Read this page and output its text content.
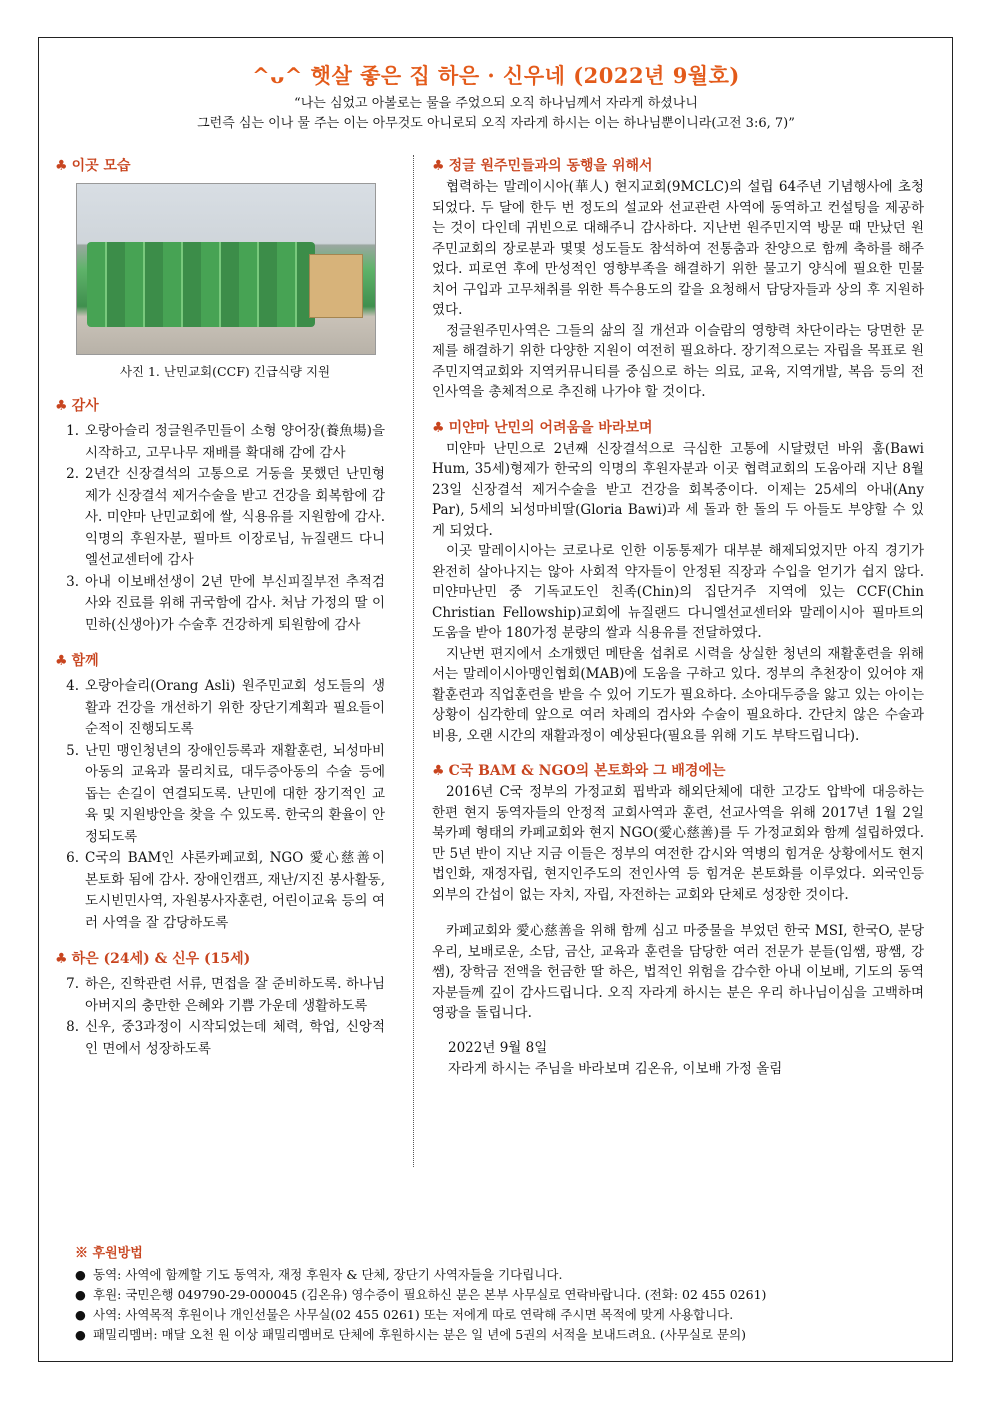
^ᴗ^ 햇살 좋은 집 하은 · 신우네 (2022년 9월호)
“나는 심었고 아볼로는 물을 주었으되 오직 하나님께서 자라게 하셨나니
그런즉 심는 이나 물 주는 이는 아무것도 아니로되 오직 자라게 하시는 이는 하나님뿐이니라(고전 3:6, 7)”
♣ 이곳 모습

사진 1. 난민교회(CCF) 긴급식량 지원

♣ 감사
1. 오랑아슬리 정글원주민들이 소형 양어장(養魚場)을 시작하고, 고무나무 재배를 확대해 감에 감사
2. 2년간 신장결석의 고통으로 거동을 못했던 난민형제가 신장결석 제거수술을 받고 건강을 회복함에 감사. 미얀마 난민교회에 쌀, 식용유를 지원함에 감사. 익명의 후원자분, 필마트 이장로님, 뉴질랜드 다니엘선교센터에 감사
3. 아내 이보배선생이 2년 만에 부신피질부전 추적검사와 진료를 위해 귀국함에 감사. 처남 가정의 딸 이민하(신생아)가 수술후 건강하게 퇴원함에 감사
♣ 함께
4. 오랑아슬리(Orang Asli) 원주민교회 성도들의 생활과 건강을 개선하기 위한 장단기계획과 필요들이 순적이 진행되도록
5. 난민 맹인청년의 장애인등록과 재활훈련, 뇌성마비아동의 교육과 물리치료, 대두증아동의 수술 등에 돕는 손길이 연결되도록. 난민에 대한 장기적인 교육 및 지원방안을 찾을 수 있도록. 한국의 환율이 안정되도록
6. C국의 BAM인 샤론카페교회, NGO 愛心慈善이 본토화 됨에 감사. 장애인캠프, 재난/지진 봉사활동, 도시빈민사역, 자원봉사자훈련, 어린이교육 등의 여러 사역을 잘 감당하도록
♣ 하은 (24세) & 신우 (15세)
7. 하은, 진학관련 서류, 면접을 잘 준비하도록. 하나님 아버지의 충만한 은혜와 기쁨 가운데 생활하도록
8. 신우, 중3과정이 시작되었는데 체력, 학업, 신앙적인 면에서 성장하도록
♣ 정글 원주민들과의 동행을 위해서

협력하는 말레이시아(華人) 현지교회(9MCLC)의 설립 64주년 기념행사에 초청되었다. 두 달에 한두 번 정도의 설교와 선교관련 사역에 동역하고 컨설팅을 제공하는 것이 다인데 귀빈으로 대해주니 감사하다. 지난번 원주민지역 방문 때 만났던 원주민교회의 장로분과 몇몇 성도들도 참석하여 전통춤과 찬양으로 함께 축하를 해주었다. 피로연 후에 만성적인 영향부족을 해결하기 위한 물고기 양식에 필요한 민물 치어 구입과 고무채취를 위한 특수용도의 칼을 요청해서 담당자들과 상의 후 지원하였다.

정글원주민사역은 그들의 삶의 질 개선과 이슬람의 영향력 차단이라는 당면한 문제를 해결하기 위한 다양한 지원이 여전히 필요하다. 장기적으로는 자립을 목표로 원주민지역교회와 지역커뮤니티를 중심으로 하는 의료, 교육, 지역개발, 복음 등의 전인사역을 총체적으로 추진해 나가야 할 것이다.

♣ 미얀마 난민의 어려움을 바라보며

미얀마 난민으로 2년째 신장결석으로 극심한 고통에 시달렸던 바위 훔(Bawi Hum, 35세)형제가 한국의 익명의 후원자분과 이곳 협력교회의 도움아래 지난 8월 23일 신장결석 제거수술을 받고 건강을 회복중이다. 이제는 25세의 아내(Any Par), 5세의 뇌성마비딸(Gloria Bawi)과 세 돌과 한 돌의 두 아들도 부양할 수 있게 되었다.

이곳 말레이시아는 코로나로 인한 이동통제가 대부분 해제되었지만 아직 경기가 완전히 살아나지는 않아 사회적 약자들이 안정된 직장과 수입을 얻기가 쉽지 않다. 미얀마난민 중 기독교도인 친족(Chin)의 집단거주 지역에 있는 CCF(Chin Christian Fellowship)교회에 뉴질랜드 다니엘선교센터와 말레이시아 필마트의 도움을 받아 180가정 분량의 쌀과 식용유를 전달하였다.

지난번 편지에서 소개했던 메탄올 섭취로 시력을 상실한 청년의 재활훈련을 위해서는 말레이시아맹인협회(MAB)에 도움을 구하고 있다. 정부의 추천장이 있어야 재활훈련과 직업훈련을 받을 수 있어 기도가 필요하다. 소아대두증을 앓고 있는 아이는 상황이 심각한데 앞으로 여러 차례의 검사와 수술이 필요하다. 간단치 않은 수술과 비용, 오랜 시간의 재활과정이 예상된다(필요를 위해 기도 부탁드립니다).

♣ C국 BAM & NGO의 본토화와 그 배경에는

2016년 C국 정부의 가정교회 핍박과 해외단체에 대한 고강도 압박에 대응하는 한편 현지 동역자들의 안정적 교회사역과 훈련, 선교사역을 위해 2017년 1월 2일 북카페 형태의 카페교회와 현지 NGO(愛心慈善)를 두 가정교회와 함께 설립하였다. 만 5년 반이 지난 지금 이들은 정부의 여전한 감시와 역병의 힘겨운 상황에서도 현지법인화, 재정자립, 현지인주도의 전인사역 등 힘겨운 본토화를 이루었다. 외국인등 외부의 간섭이 없는 자치, 자립, 자전하는 교회와 단체로 성장한 것이다.

카페교회와 愛心慈善을 위해 함께 심고 마중물을 부었던 한국 MSI, 한국O, 분당우리, 보배로운, 소담, 금산, 교육과 훈련을 담당한 여러 전문가 분들(임쌤, 팡쌤, 강쌤), 장학금 전액을 헌금한 딸 하은, 법적인 위험을 감수한 아내 이보배, 기도의 동역자분들께 깊이 감사드립니다. 오직 자라게 하시는 분은 우리 하나님이심을 고백하며 영광을 돌립니다.

2022년 9월 8일

자라게 하시는 주님을 바라보며 김온유, 이보배 가정 올림

※ 후원방법
● 동역: 사역에 함께할 기도 동역자, 재정 후원자 & 단체, 장단기 사역자들을 기다립니다.
● 후원: 국민은행 049790-29-000045 (김온유) 영수증이 필요하신 분은 본부 사무실로 연락바랍니다. (전화: 02 455 0261)
● 사역: 사역목적 후원이나 개인선물은 사무실(02 455 0261) 또는 저에게 따로 연락해 주시면 목적에 맞게 사용합니다.
● 패밀리멤버: 매달 오천 원 이상 패밀리멤버로 단체에 후원하시는 분은 일 년에 5권의 서적을 보내드려요. (사무실로 문의)
